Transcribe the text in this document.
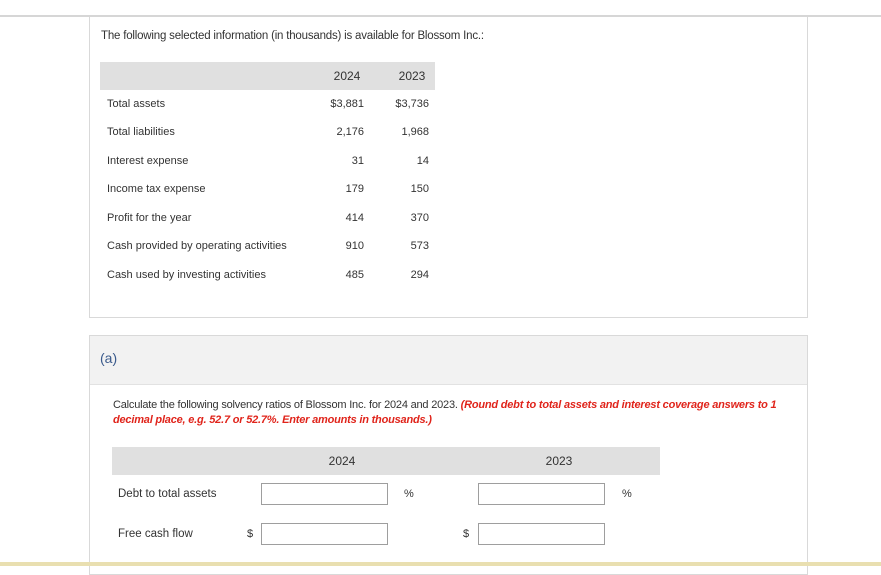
The following selected information (in thousands) is available for Blossom Inc.:
2024	2023
Total assets	$3,881	$3,736
Total liabilities	2,176	1,968
Interest expense	31	14
Income tax expense	179	150
Profit for the year	414	370
Cash provided by operating activities	910	573
Cash used by investing activities	485	294
(a)
Calculate the following solvency ratios of Blossom Inc. for 2024 and 2023. (Round debt to total assets and interest coverage answers to 1 decimal place, e.g. 52.7 or 52.7%. Enter amounts in thousands.)
2024	2023
Debt to total assets	%	%
Free cash flow	$	$
